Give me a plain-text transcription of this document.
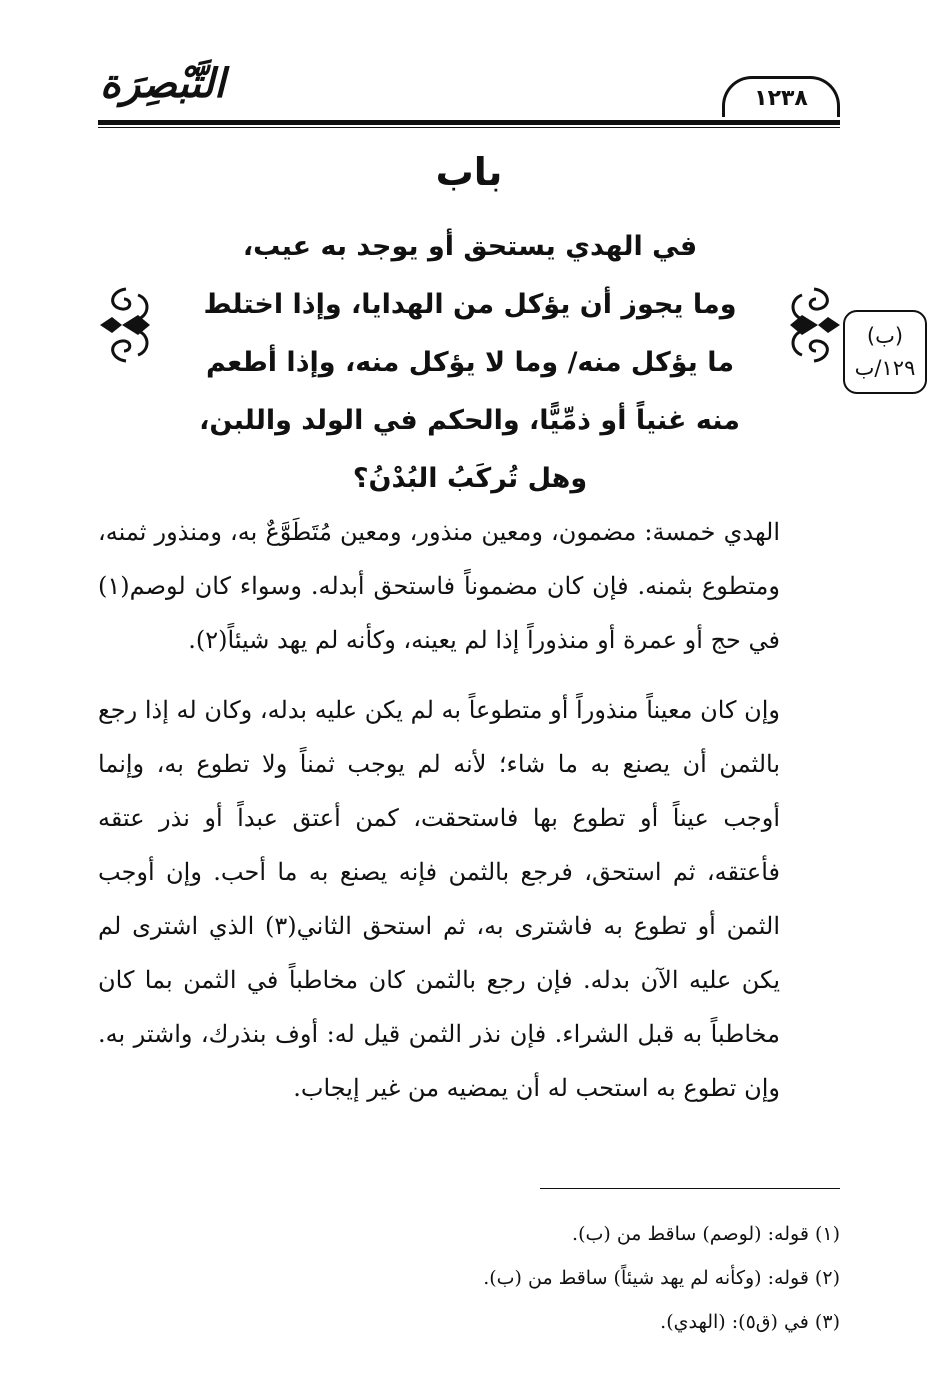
١٢٣٨
التَّبْصِرَة
باب
في الهدي يستحق أو يوجد به عيب،
وما يجوز أن يؤكل من الهدايا، وإذا اختلط
ما يؤكل منه/ وما لا يؤكل منه، وإذا أطعم
منه غنياً أو ذمِّيًّا، والحكم في الولد واللبن،
وهل تُركَبُ البُدْنُ؟
(ب)
١٢٩/ب

الهدي خمسة: مضمون، ومعين منذور، ومعين مُتَطَوَّعٌ به، ومنذور ثمنه، ومتطوع بثمنه. فإن كان مضموناً فاستحق أبدله. وسواء كان لوصم(١) في حج أو عمرة أو منذوراً إذا لم يعينه، وكأنه لم يهد شيئاً(٢).

وإن كان معيناً منذوراً أو متطوعاً به لم يكن عليه بدله، وكان له إذا رجع بالثمن أن يصنع به ما شاء؛ لأنه لم يوجب ثمناً ولا تطوع به، وإنما أوجب عيناً أو تطوع بها فاستحقت، كمن أعتق عبداً أو نذر عتقه فأعتقه، ثم استحق، فرجع بالثمن فإنه يصنع به ما أحب. وإن أوجب الثمن أو تطوع به فاشترى به، ثم استحق الثاني(٣) الذي اشترى لم يكن عليه الآن بدله. فإن رجع بالثمن كان مخاطباً في الثمن بما كان مخاطباً به قبل الشراء. فإن نذر الثمن قيل له: أوف بنذرك، واشتر به. وإن تطوع به استحب له أن يمضيه من غير إيجاب.

(١) قوله: (لوصم) ساقط من (ب).
(٢) قوله: (وكأنه لم يهد شيئاً) ساقط من (ب).
(٣) في (ق٥): (الهدي).
